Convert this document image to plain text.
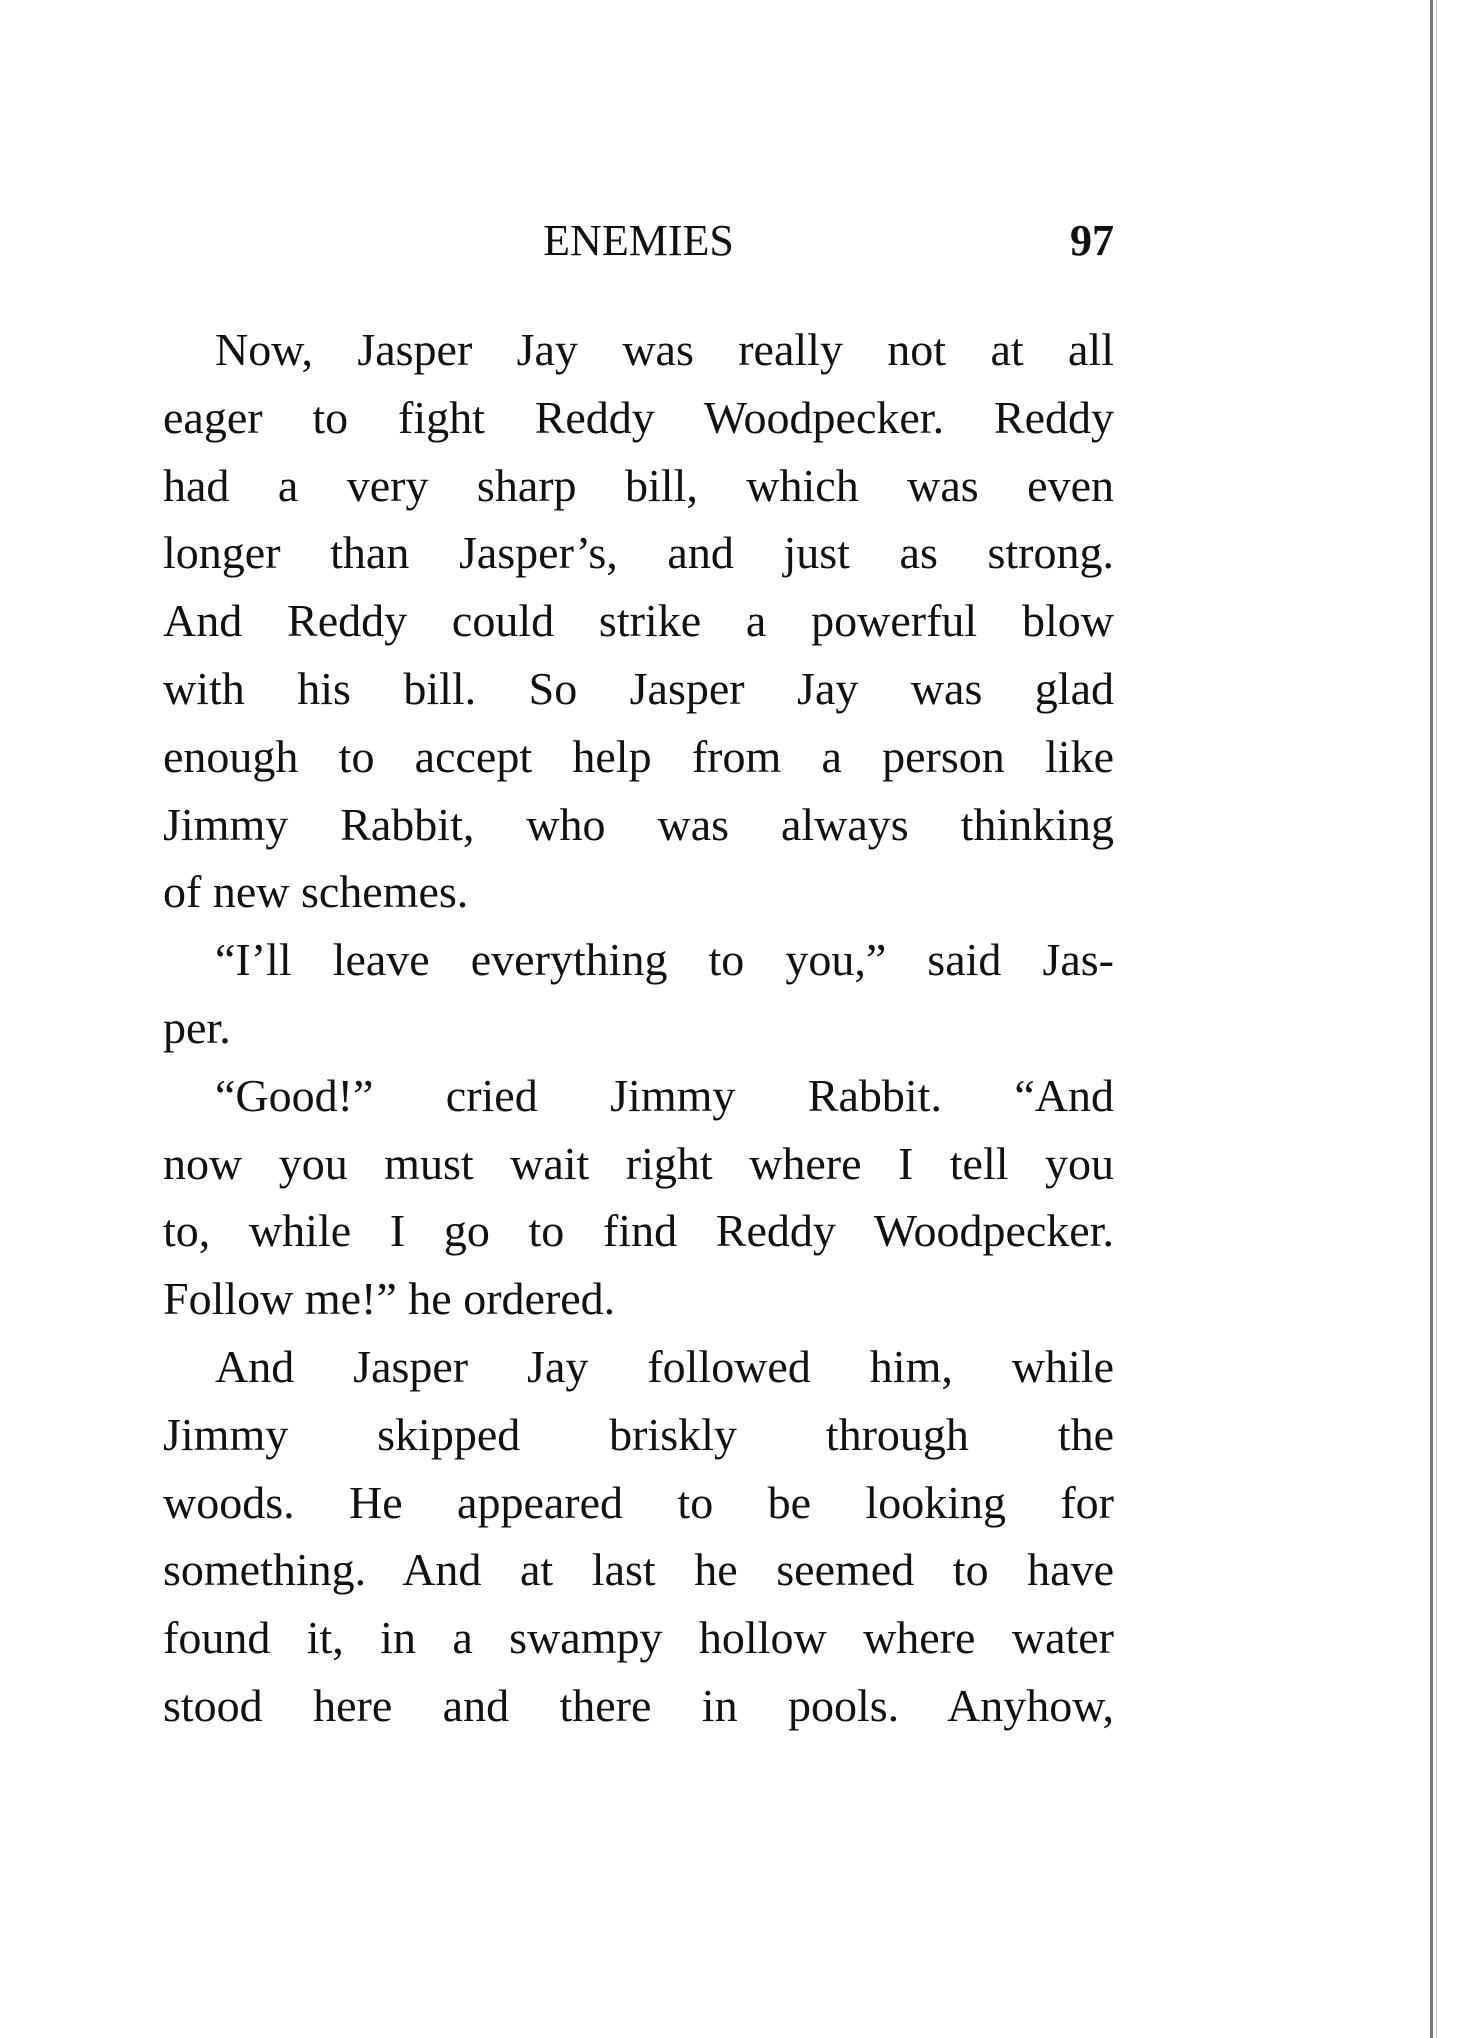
ENEMIES	97
Now, Jasper Jay was really not at all
eager to fight Reddy Woodpecker. Reddy
had a very sharp bill, which was even
longer than Jasper’s, and just as strong.
And Reddy could strike a powerful blow
with his bill. So Jasper Jay was glad
enough to accept help from a person like
Jimmy Rabbit, who was always thinking
of new schemes.
“I’ll leave everything to you,” said Jas-
per.
“Good!” cried Jimmy Rabbit. “And
now you must wait right where I tell you
to, while I go to find Reddy Woodpecker.
Follow me!” he ordered.
And Jasper Jay followed him, while
Jimmy skipped briskly through the
woods. He appeared to be looking for
something. And at last he seemed to have
found it, in a swampy hollow where water
stood here and there in pools. Anyhow,
